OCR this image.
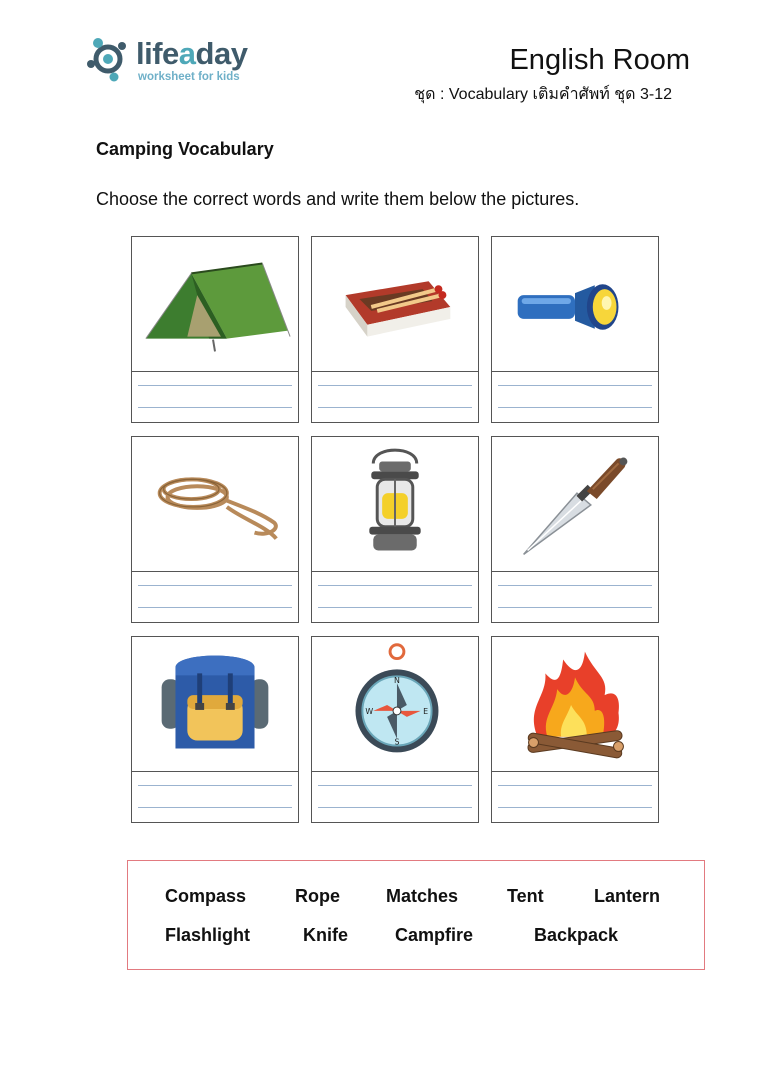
lifeaday
worksheet for kids
English Room
ชุด : Vocabulary เติมคำศัพท์ ชุด 3-12
Camping Vocabulary
Choose the correct words and write them below the pictures.
N
S
W	E
Compass	Rope	Matches	Tent	Lantern
Flashlight	Knife	Campfire	Backpack
